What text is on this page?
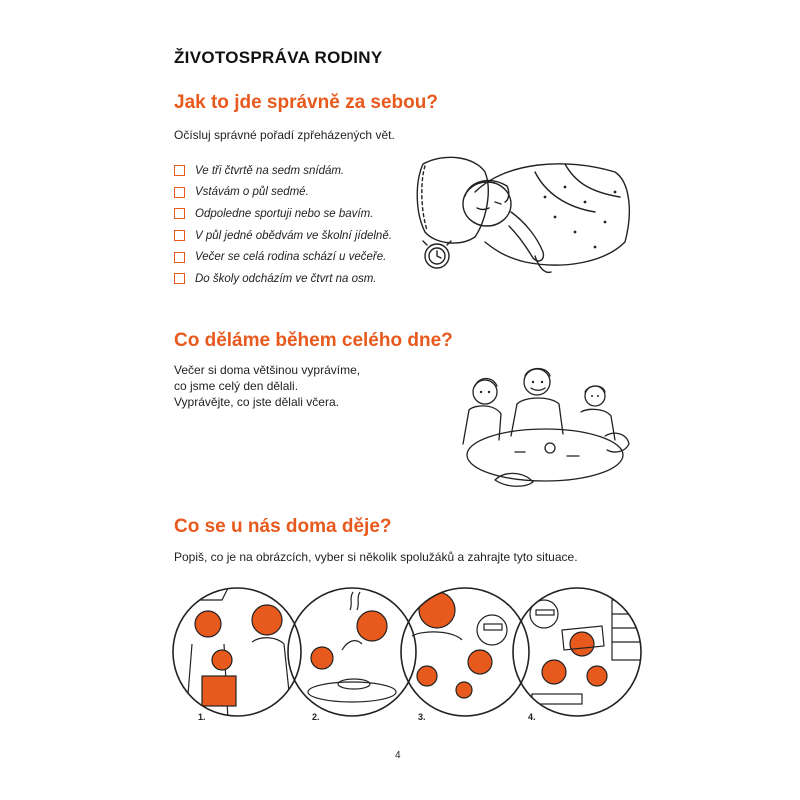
ŽIVOTOSPRÁVA RODINY
Jak to jde správně za sebou?
Očísluj správné pořadí zpřeházených vět.
Ve tři čtvrtě na sedm snídám.
Vstávám o půl sedmé.
Odpoledne sportuji nebo se bavím.
V půl jedné obědvám ve školní jídelně.
Večer se celá rodina schází u večeře.
Do školy odcházím ve čtvrt na osm.
Co děláme během celého dne?
Večer si doma většinou vyprávíme,
co jsme celý den dělali.
Vyprávějte, co jste dělali včera.
Co se u nás doma děje?
Popiš, co je na obrázcích, vyber si několik spolužáků a zahrajte tyto situace.
1.	2.	3.	4.
4
